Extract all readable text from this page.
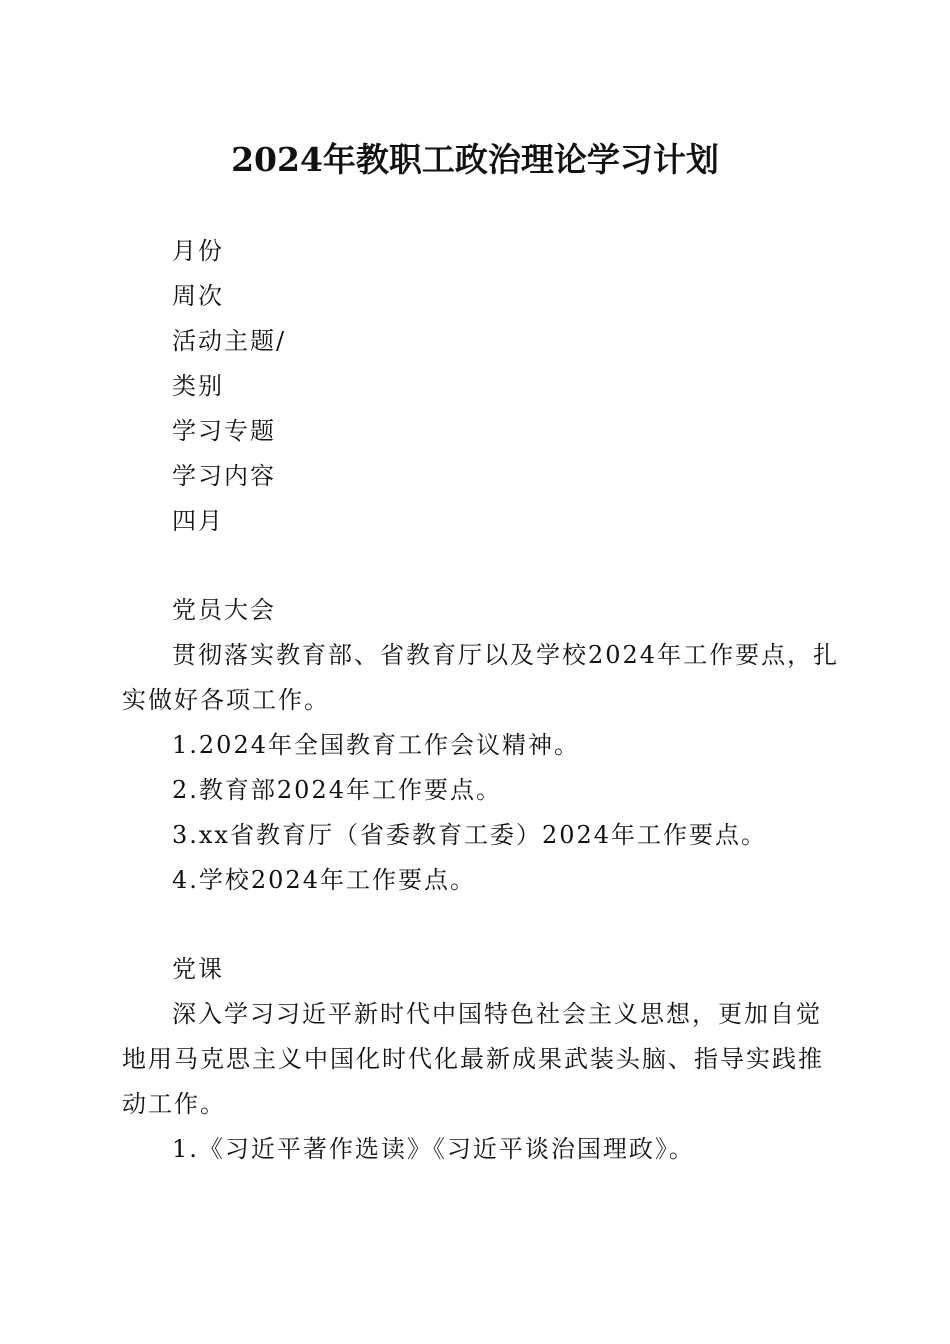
2024年教职工政治理论学习计划
月份
周次
活动主题/
类别
学习专题
学习内容
四月
党员大会
贯彻落实教育部、省教育厅以及学校2024年工作要点，扎
实做好各项工作。
1.2024年全国教育工作会议精神。
2.教育部2024年工作要点。
3.xx省教育厅（省委教育工委）2024年工作要点。
4.学校2024年工作要点。
党课
深入学习习近平新时代中国特色社会主义思想，更加自觉
地用马克思主义中国化时代化最新成果武装头脑、指导实践推
动工作。
1.《习近平著作选读》《习近平谈治国理政》。
